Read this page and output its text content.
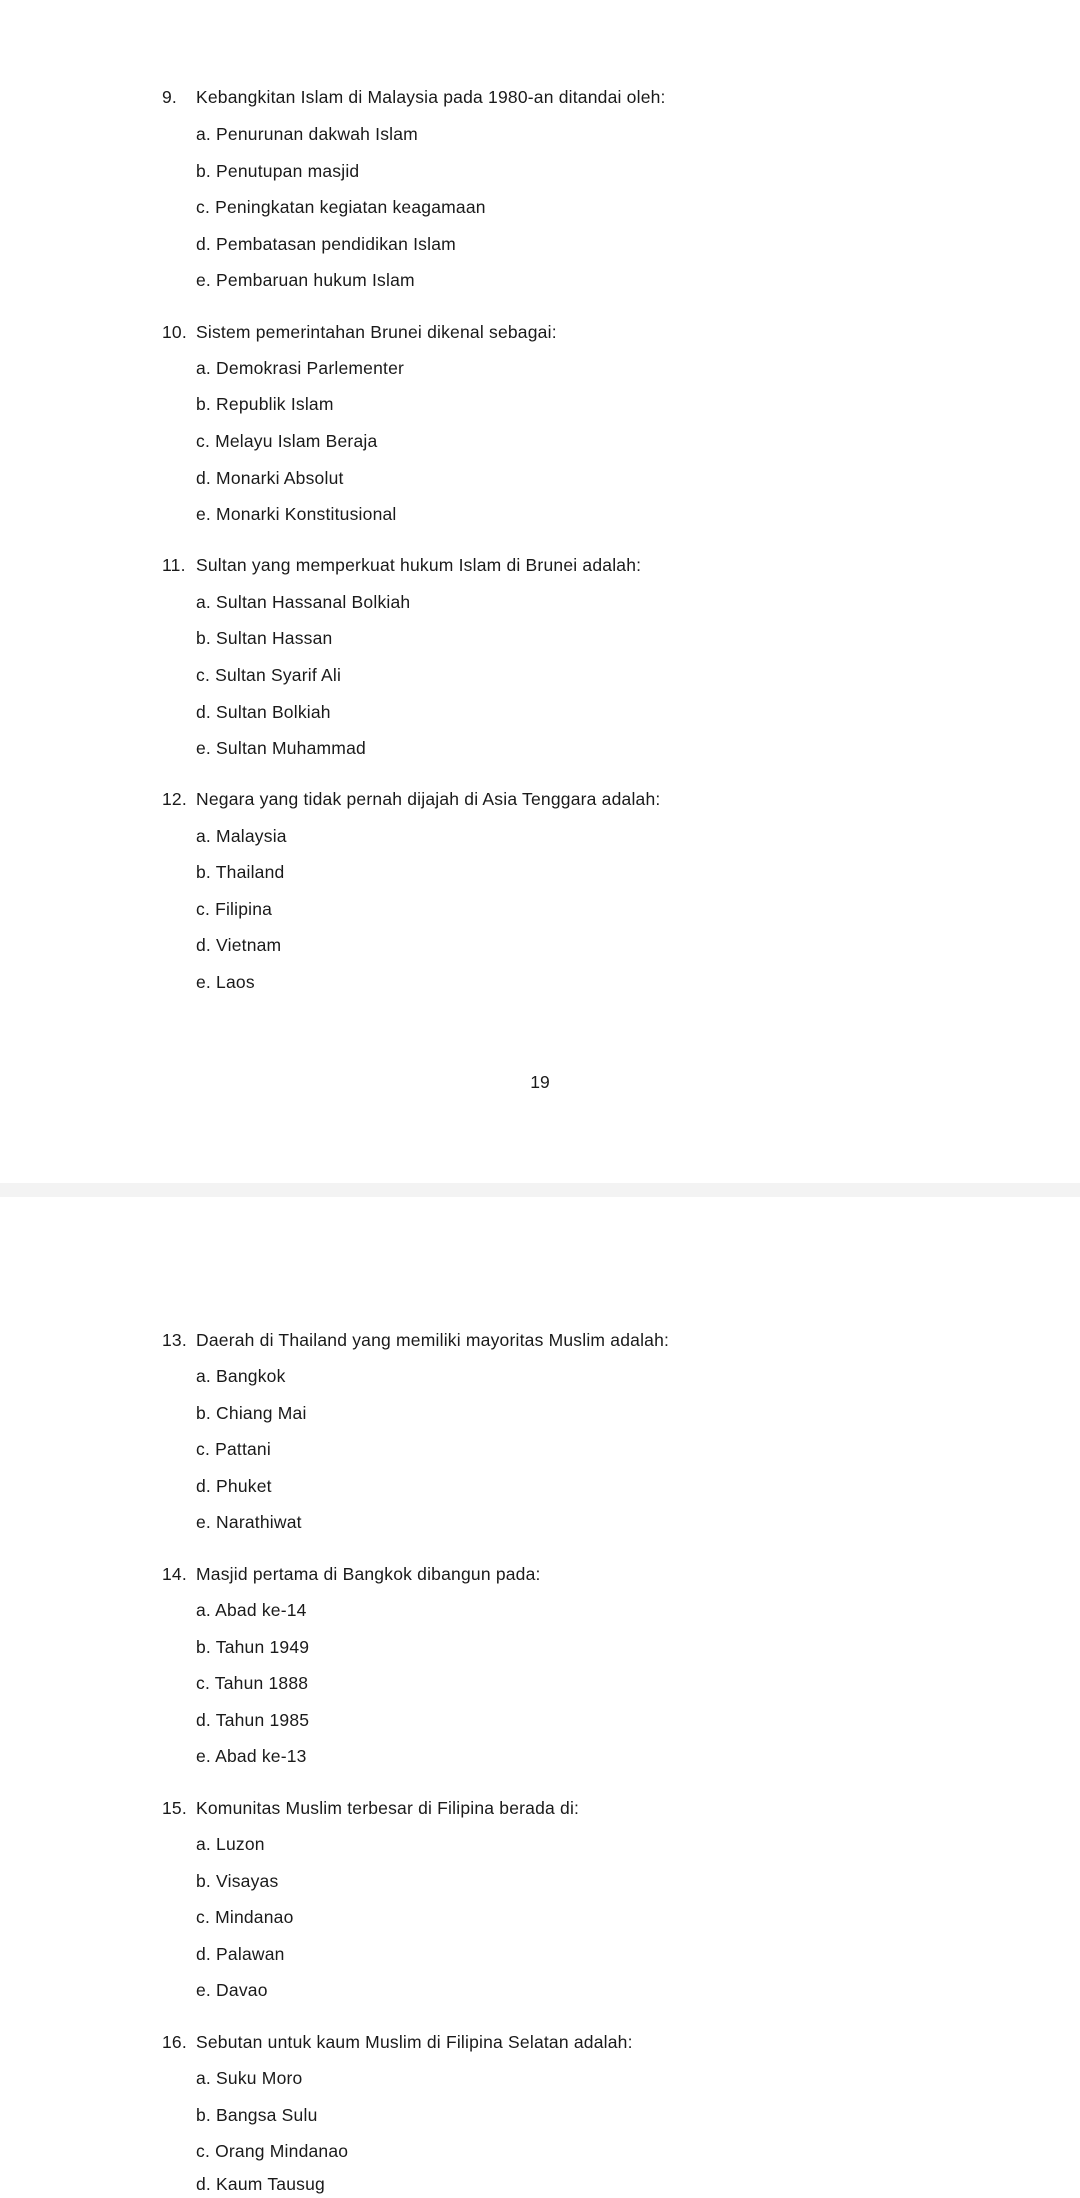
9. Kebangkitan Islam di Malaysia pada 1980-an ditandai oleh:
a. Penurunan dakwah Islam
b. Penutupan masjid
c. Peningkatan kegiatan keagamaan
d. Pembatasan pendidikan Islam
e. Pembaruan hukum Islam
10. Sistem pemerintahan Brunei dikenal sebagai:
a. Demokrasi Parlementer
b. Republik Islam
c. Melayu Islam Beraja
d. Monarki Absolut
e. Monarki Konstitusional
11. Sultan yang memperkuat hukum Islam di Brunei adalah:
a. Sultan Hassanal Bolkiah
b. Sultan Hassan
c. Sultan Syarif Ali
d. Sultan Bolkiah
e. Sultan Muhammad
12. Negara yang tidak pernah dijajah di Asia Tenggara adalah:
a. Malaysia
b. Thailand
c. Filipina
d. Vietnam
e. Laos
19
13. Daerah di Thailand yang memiliki mayoritas Muslim adalah:
a. Bangkok
b. Chiang Mai
c. Pattani
d. Phuket
e. Narathiwat
14. Masjid pertama di Bangkok dibangun pada:
a. Abad ke-14
b. Tahun 1949
c. Tahun 1888
d. Tahun 1985
e. Abad ke-13
15. Komunitas Muslim terbesar di Filipina berada di:
a. Luzon
b. Visayas
c. Mindanao
d. Palawan
e. Davao
16. Sebutan untuk kaum Muslim di Filipina Selatan adalah:
a. Suku Moro
b. Bangsa Sulu
c. Orang Mindanao
d. Kaum Tausug
